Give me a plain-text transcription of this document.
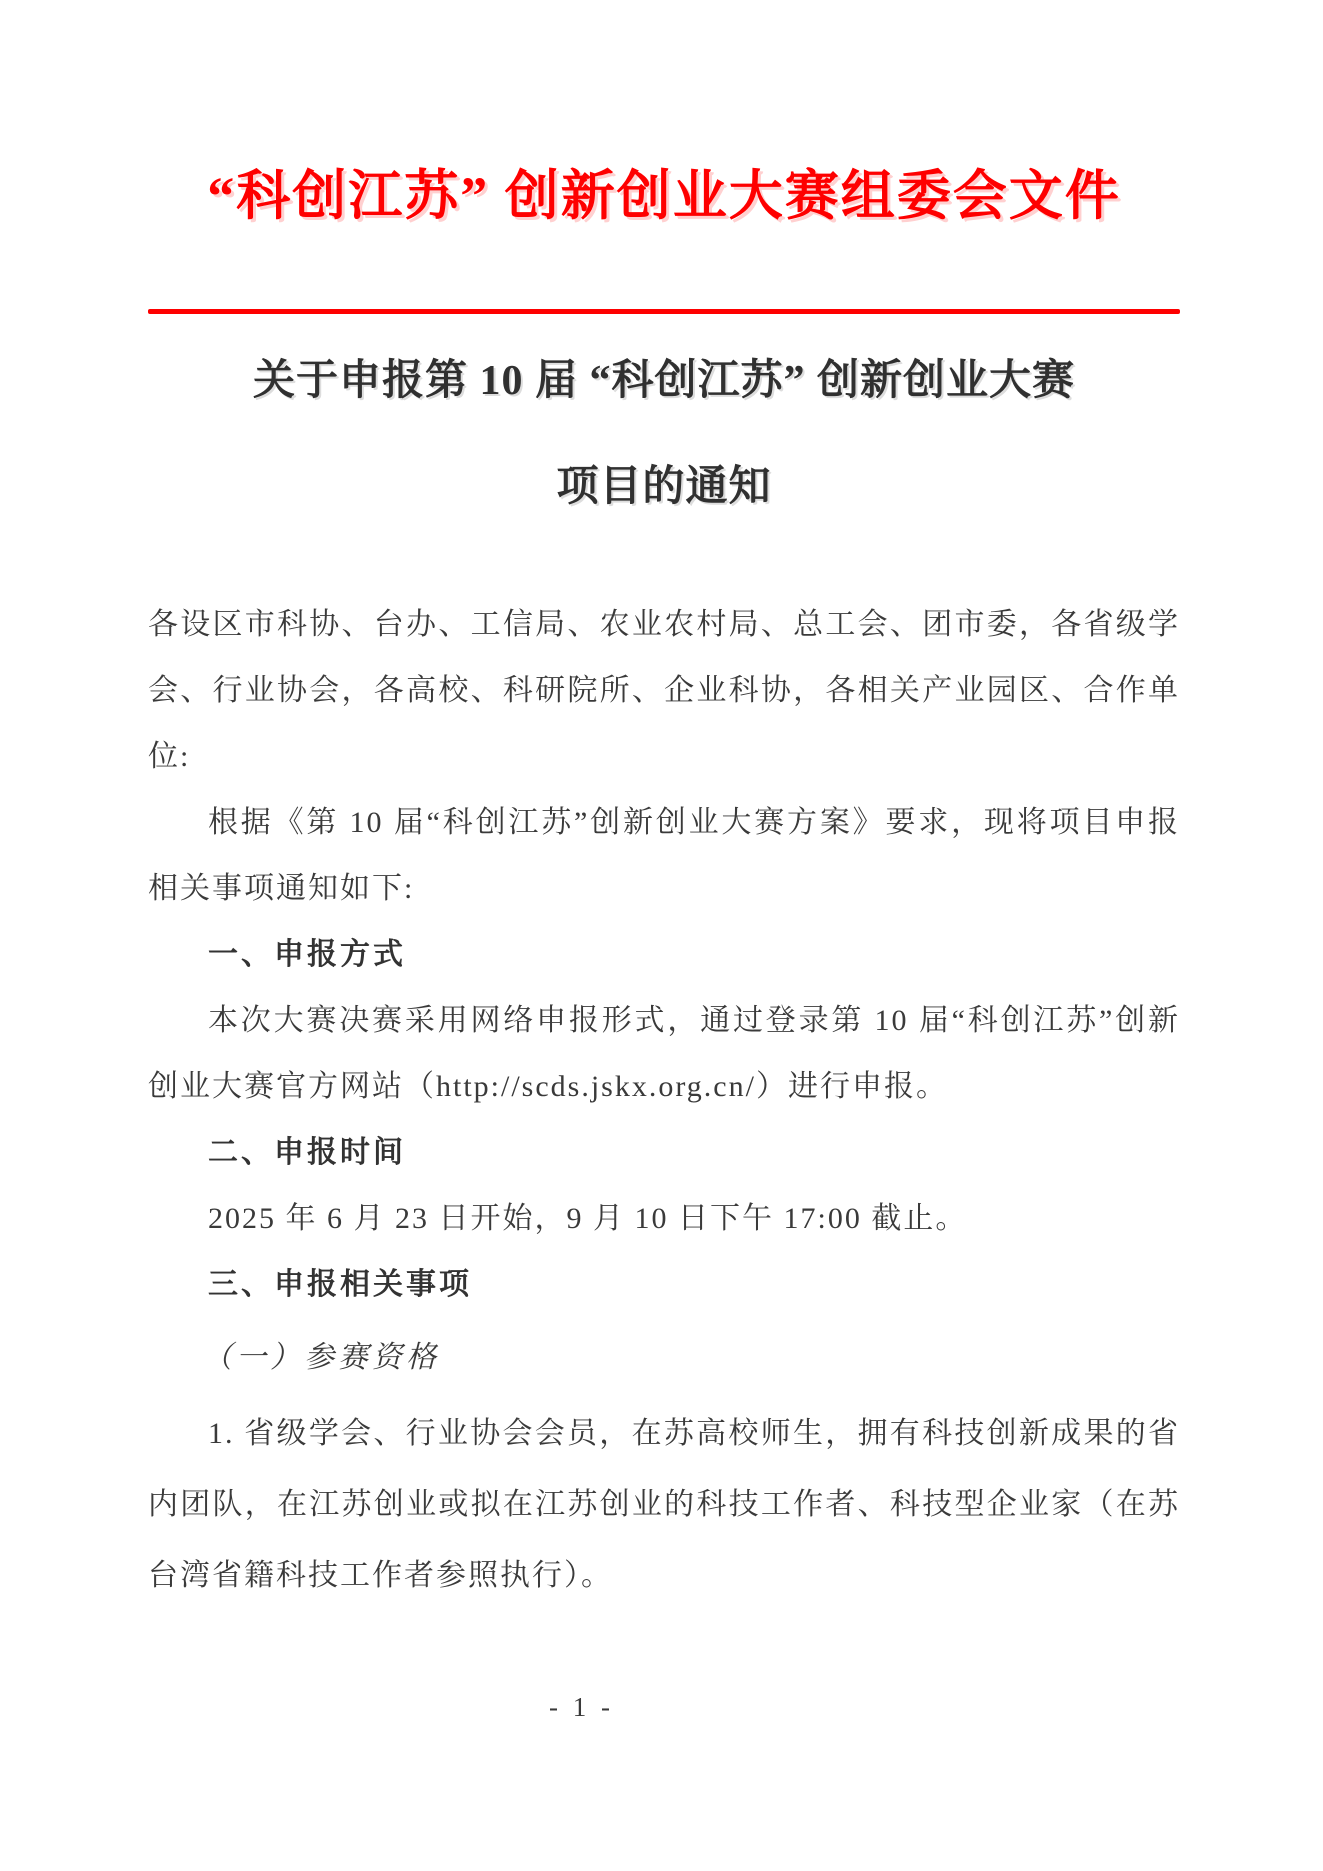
“科创江苏” 创新创业大赛组委会文件
关于申报第 10 届 “科创江苏” 创新创业大赛
项目的通知

各设区市科协、台办、工信局、农业农村局、总工会、团市委，各省级学会、行业协会，各高校、科研院所、企业科协，各相关产业园区、合作单位:

根据《第 10 届“科创江苏”创新创业大赛方案》要求，现将项目申报相关事项通知如下:

一、申报方式

本次大赛决赛采用网络申报形式，通过登录第 10 届“科创江苏”创新创业大赛官方网站（http://scds.jskx.org.cn/）进行申报。

二、申报时间

2025 年 6 月 23 日开始，9 月 10 日下午 17:00 截止。

三、申报相关事项

（一）参赛资格

1. 省级学会、行业协会会员，在苏高校师生，拥有科技创新成果的省内团队，在江苏创业或拟在江苏创业的科技工作者、科技型企业家（在苏台湾省籍科技工作者参照执行）。

- 1 -
